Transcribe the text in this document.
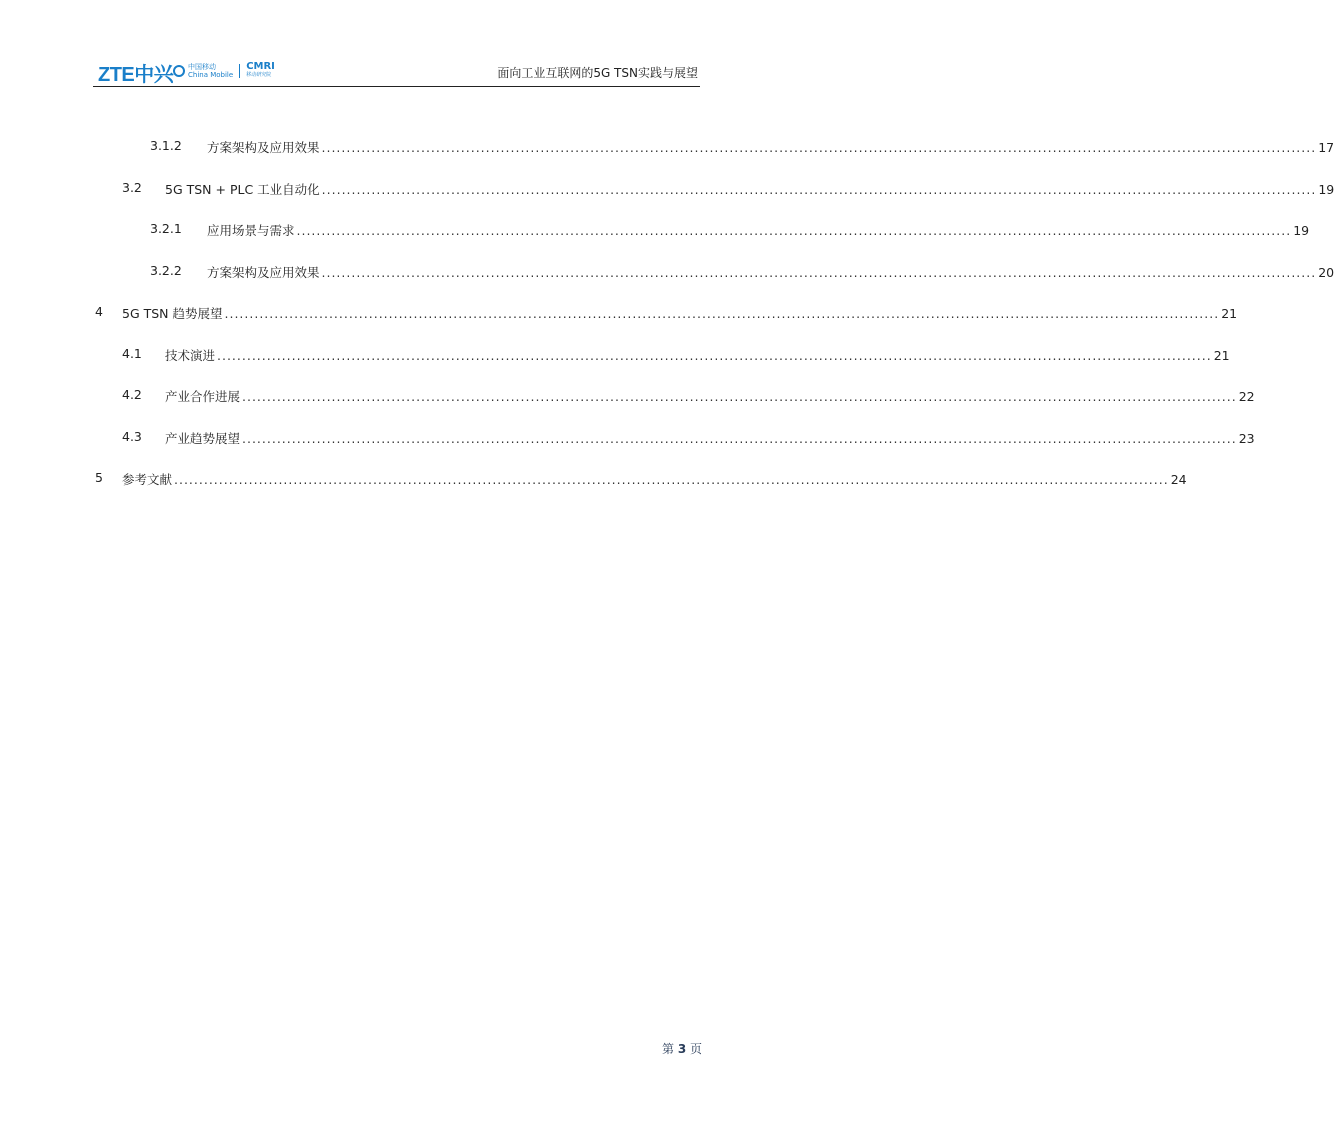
ZTE中兴 中国移动
China Mobile
CMRI
移动研究院	面向工业互联网的5G TSN实践与展望
3.1.2 方案架构及应用效果 ........................................................................................................................................................................................................ 17
3.2 5G TSN + PLC 工业自动化 ........................................................................................................................................................................................................ 19
3.2.1 应用场景与需求 ........................................................................................................................................................................................................ 19
3.2.2 方案架构及应用效果 ........................................................................................................................................................................................................ 20
4 5G TSN 趋势展望 ........................................................................................................................................................................................................ 21
4.1 技术演进 ........................................................................................................................................................................................................ 21
4.2 产业合作进展 ........................................................................................................................................................................................................ 22
4.3 产业趋势展望 ........................................................................................................................................................................................................ 23
5 参考文献 ........................................................................................................................................................................................................ 24
第 3 页
